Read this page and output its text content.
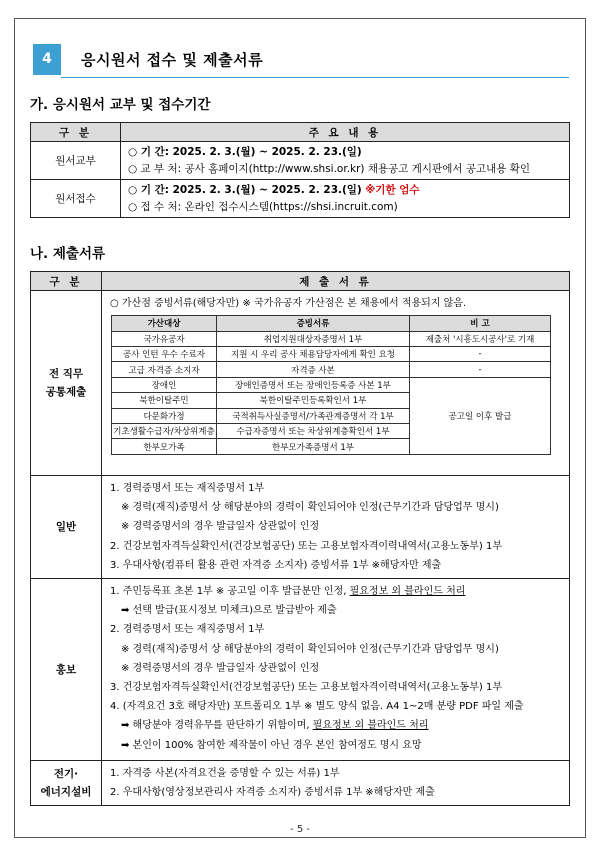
4	응시원서 접수 및 제출서류
가. 응시원서 교부 및 접수기간
구 분	주 요 내 용
원서교부	○ 기 간: 2025. 2. 3.(월) ~ 2025. 2. 23.(일)
○ 교 부 처: 공사 홈페이지(http://www.shsi.or.kr) 채용공고 게시판에서 공고내용 확인

원서접수	○ 기 간: 2025. 2. 3.(월) ~ 2025. 2. 23.(일) ※기한 엄수
○ 접 수 처: 온라인 접수시스템(https://shsi.incruit.com)
나. 제출서류
구 분	제 출 서 류

전 직무
공통제출

○ 가산점 증빙서류(해당자만) ※ 국가유공자 가산점은 본 채용에서 적용되지 않음.
가산대상	증빙서류	비 고
국가유공자	취업지원대상자증명서 1부	제출처 '시흥도시공사'로 기재
공사 인턴 우수 수료자	지원 시 우리 공사 채용담당자에게 확인 요청	-
고급 자격증 소지자	자격증 사본	-
장애인	장애인증명서 또는 장애인등록증 사본 1부	공고일 이후 발급
북한이탈주민	북한이탈주민등록확인서 1부
다문화가정	국적취득사실증명서/가족관계증명서 각 1부
기초생활수급자/차상위계층	수급자증명서 또는 차상위계층확인서 1부
한부모가족	한부모가족증명서 1부

일반	
1. 경력증명서 또는 재직증명서 1부
※ 경력(재직)증명서 상 해당분야의 경력이 확인되어야 인정(근무기간과 담당업무 명시)
※ 경력증명서의 경우 발급일자 상관없이 인정
2. 건강보험자격득실확인서(건강보험공단) 또는 고용보험자격이력내역서(고용노동부) 1부
3. 우대사항(컴퓨터 활용 관련 자격증 소지자) 증빙서류 1부 ※해당자만 제출

홍보	
1. 주민등록표 초본 1부 ※ 공고일 이후 발급분만 인정, 필요정보 외 블라인드 처리
➡ 선택 발급(표시정보 미체크)으로 발급받아 제출
2. 경력증명서 또는 재직증명서 1부
※ 경력(재직)증명서 상 해당분야의 경력이 확인되어야 인정(근무기간과 담당업무 명시)
※ 경력증명서의 경우 발급일자 상관없이 인정
3. 건강보험자격득실확인서(건강보험공단) 또는 고용보험자격이력내역서(고용노동부) 1부
4. (자격요건 3호 해당자만) 포트폴리오 1부 ※ 별도 양식 없음. A4 1~2매 분량 PDF 파일 제출
➡ 해당분야 경력유무를 판단하기 위함이며, 필요정보 외 블라인드 처리
➡ 본인이 100% 참여한 제작물이 아닌 경우 본인 참여정도 명시 요망

전기·
에너지설비

1. 자격증 사본(자격요건을 증명할 수 있는 서류) 1부
2. 우대사항(영상정보관리사 자격증 소지자) 증빙서류 1부 ※해당자만 제출
- 5 -
